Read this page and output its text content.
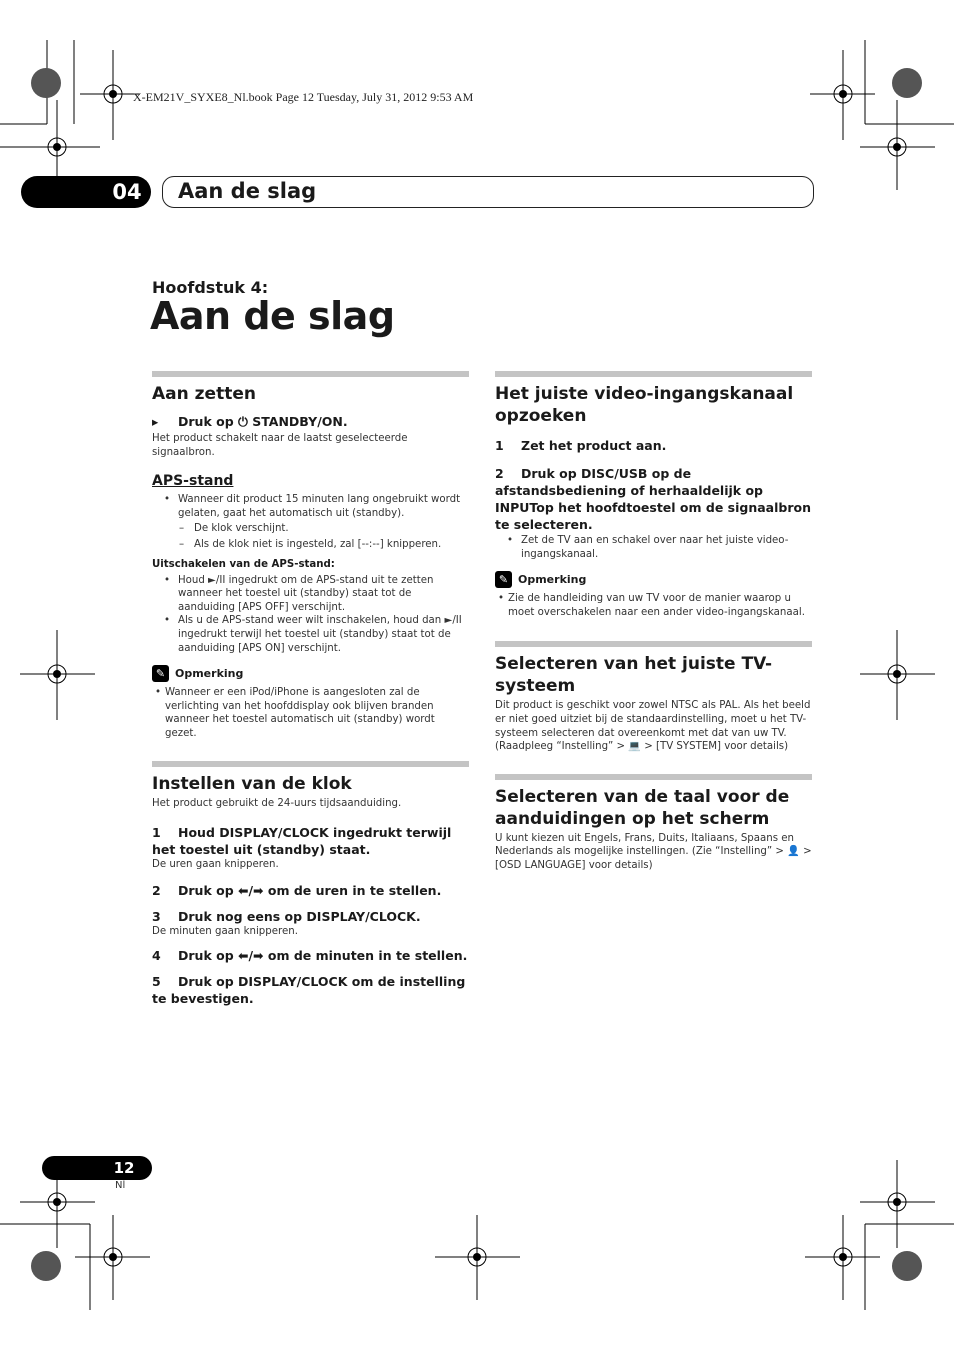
X-EM21V_SYXE8_Nl.book Page 12 Tuesday, July 31, 2012 9:53 AM
04	Aan de slag
Hoofdstuk 4:
Aan de slag
Aan zetten
▸ Druk op ⏻ STANDBY/ON.
Het product schakelt naar de laatst geselecteerde signaalbron.
APS-stand
• Wanneer dit product 15 minuten lang ongebruikt wordt gelaten, gaat het automatisch uit (standby).
– De klok verschijnt.
– Als de klok niet is ingesteld, zal [--:--] knipperen.
Uitschakelen van de APS-stand:
• Houd ►/II ingedrukt om de APS-stand uit te zetten wanneer het toestel uit (standby) staat tot de aanduiding [APS OFF] verschijnt.
• Als u de APS-stand weer wilt inschakelen, houd dan ►/II ingedrukt terwijl het toestel uit (standby) staat tot de aanduiding [APS ON] verschijnt.
✎ Opmerking
• Wanneer er een iPod/iPhone is aangesloten zal de verlichting van het hoofddisplay ook blijven branden wanneer het toestel automatisch uit (standby) wordt gezet.
Instellen van de klok
Het product gebruikt de 24-uurs tijdsaanduiding.
1 Houd DISPLAY/CLOCK ingedrukt terwijl het toestel uit (standby) staat.
De uren gaan knipperen.
2 Druk op ⬅/➡ om de uren in te stellen.
3 Druk nog eens op DISPLAY/CLOCK.
De minuten gaan knipperen.
4 Druk op ⬅/➡ om de minuten in te stellen.
5 Druk op DISPLAY/CLOCK om de instelling te bevestigen.
Het juiste video-ingangskanaal opzoeken
1 Zet het product aan.
2 Druk op DISC/USB op de afstandsbediening of herhaaldelijk op INPUTop het hoofdtoestel om de signaalbron te selecteren.
• Zet de TV aan en schakel over naar het juiste video-ingangskanaal.
✎ Opmerking
• Zie de handleiding van uw TV voor de manier waarop u moet overschakelen naar een ander video-ingangskanaal.
Selecteren van het juiste TV-systeem
Dit product is geschikt voor zowel NTSC als PAL. Als het beeld er niet goed uitziet bij de standaardinstelling, moet u het TV-systeem selecteren dat overeenkomt met dat van uw TV. (Raadpleeg “Instelling” > 💻 > [TV SYSTEM] voor details)
Selecteren van de taal voor de aanduidingen op het scherm
U kunt kiezen uit Engels, Frans, Duits, Italiaans, Spaans en Nederlands als mogelijke instellingen. (Zie “Instelling” > 👤 > [OSD LANGUAGE] voor details)
12
Nl
